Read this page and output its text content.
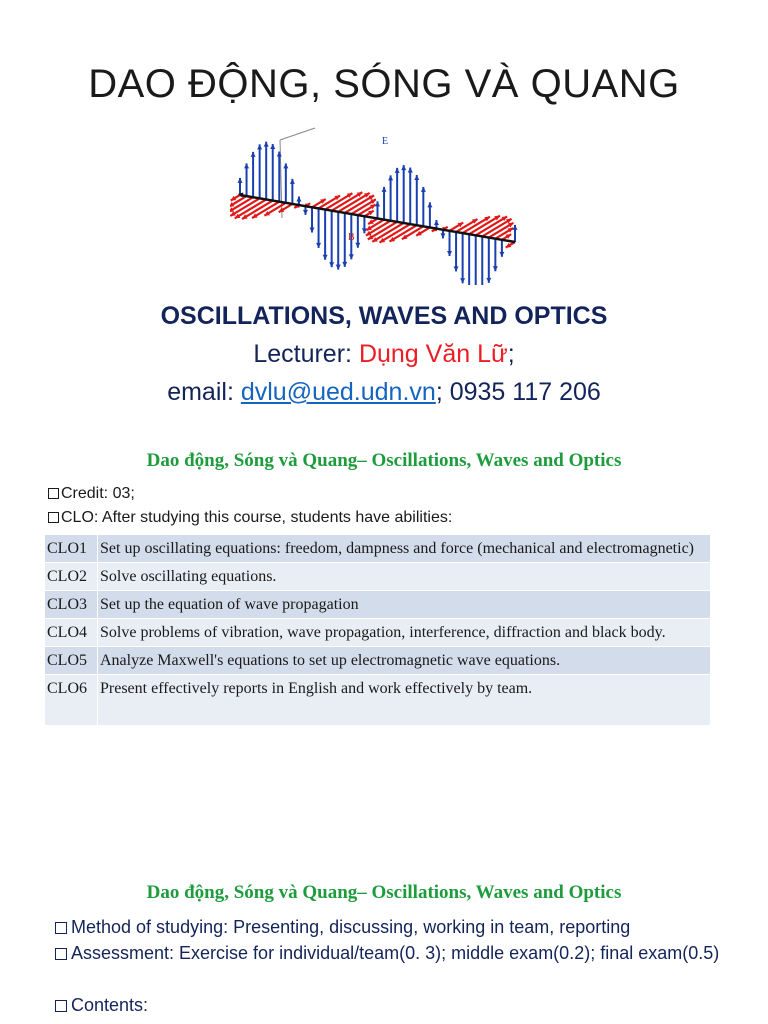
DAO ĐỘNG, SÓNG VÀ QUANG
E
B
OSCILLATIONS, WAVES AND OPTICS
Lecturer: Dụng Văn Lữ;
email: dvlu@ued.udn.vn; 0935 117 206
Dao động, Sóng và Quang– Oscillations, Waves and Optics
Credit: 03;
CLO: After studying this course, students have abilities:
CLO1	Set up oscillating equations: freedom, dampness and force (mechanical and electromagnetic)
CLO2	Solve oscillating equations.
CLO3	Set up the equation of wave propagation
CLO4	Solve problems of vibration, wave propagation, interference, diffraction and black body.
CLO5	Analyze Maxwell's equations to set up electromagnetic wave equations.
CLO6	Present effectively reports in English and work effectively by team.
Dao động, Sóng và Quang– Oscillations, Waves and Optics
Method of studying: Presenting, discussing, working in team, reporting
Assessment: Exercise for individual/team(0. 3); middle exam(0.2); final exam(0.5)
Contents:
